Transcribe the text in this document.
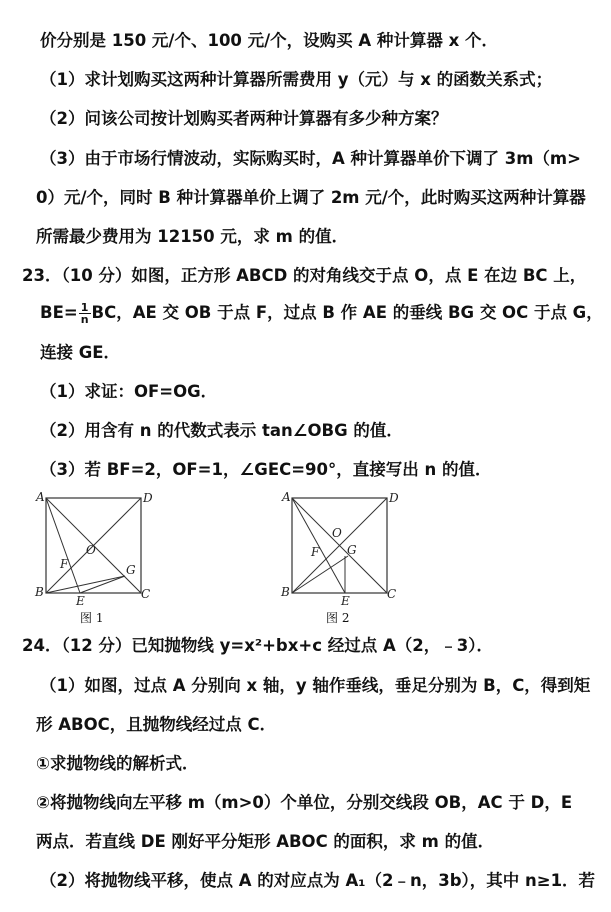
价分别是 150 元/个、100 元/个，设购买 A 种计算器 x 个．
（1）求计划购买这两种计算器所需费用 y（元）与 x 的函数关系式；
（2）问该公司按计划购买者两种计算器有多少种方案？
（3）由于市场行情波动，实际购买时，A 种计算器单价下调了 3m（m>
0）元/个，同时 B 种计算器单价上调了 2m 元/个，此时购买这两种计算器
所需最少费用为 12150 元，求 m 的值．
23．（10 分）如图，正方形 ABCD 的对角线交于点 O，点 E 在边 BC 上，
$BE= \frac{1}{n}$ BC，AE 交 OB 于点 F，过点 B 作 AE 的垂线 BG 交 OC 于点 G，
连接 GE．
（1）求证：OF=OG．
（2）用含有 n 的代数式表示 tan∠OBG 的值．
（3）若 BF=2，OF=1，∠GEC=90°，直接写出 n 的值．
A	D
B	C
O
F
E
G
图 1
A	D
B	C
O
F
E
G
图 2
24．（12 分）已知抛物线 y=x²+bx+c 经过点 A（2，﹣3）．
（1）如图，过点 A 分别向 x 轴，y 轴作垂线，垂足分别为 B，C，得到矩
形 ABOC，且抛物线经过点 C．
①求抛物线的解析式．
②将抛物线向左平移 m（m>0）个单位，分别交线段 OB，AC 于 D，E
两点．若直线 DE 刚好平分矩形 ABOC 的面积，求 m 的值．
（2）将抛物线平移，使点 A 的对应点为 A₁（2﹣n，3b），其中 n≥1．若
